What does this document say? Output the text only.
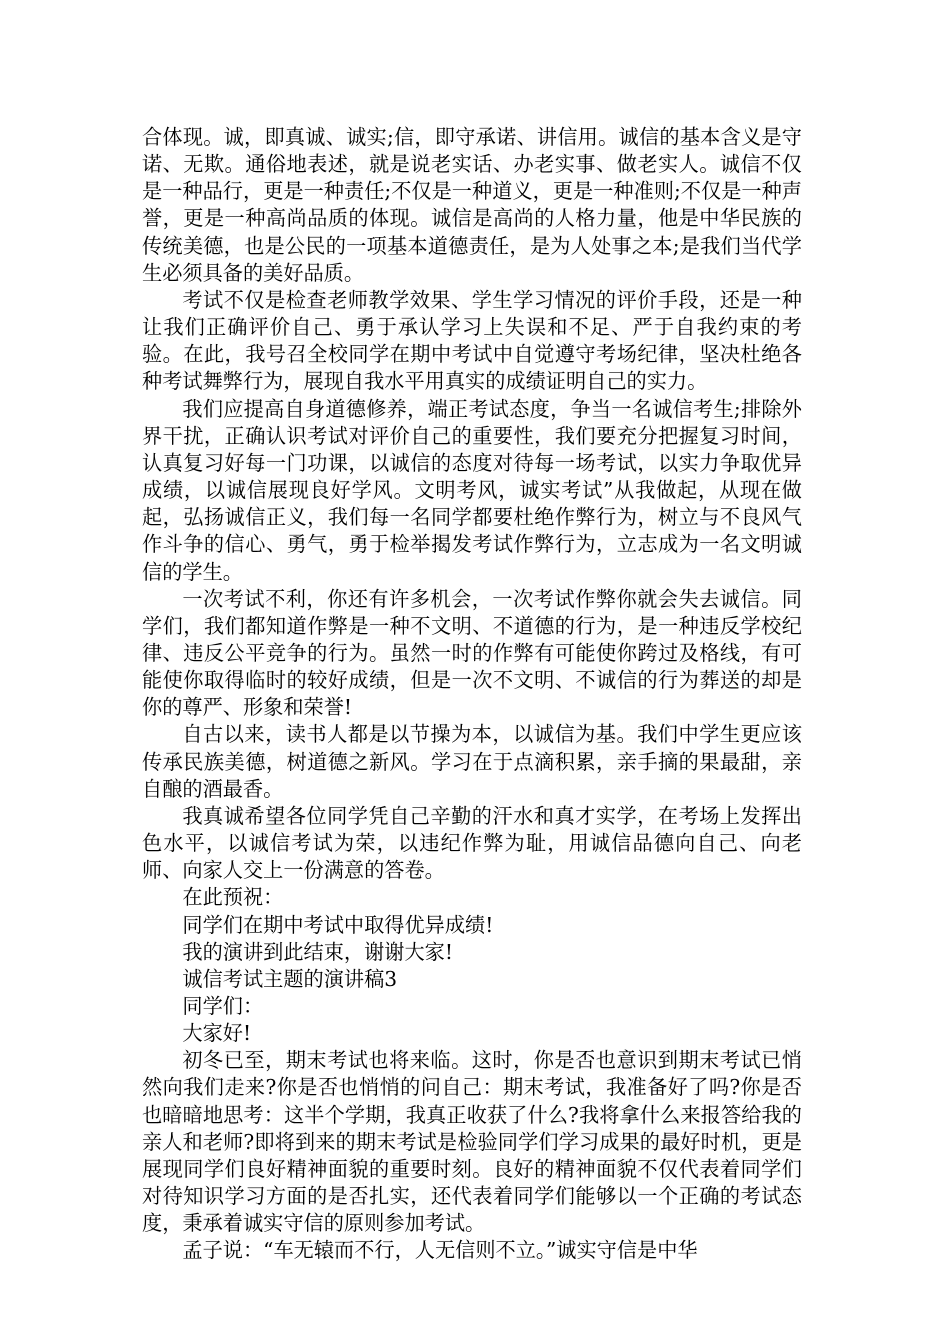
合体现。诚，即真诚、诚实;信，即守承诺、讲信用。诚信的基本含义是守诺、无欺。通俗地表述，就是说老实话、办老实事、做老实人。诚信不仅是一种品行，更是一种责任;不仅是一种道义，更是一种准则;不仅是一种声誉，更是一种高尚品质的体现。诚信是高尚的人格力量，他是中华民族的传统美德，也是公民的一项基本道德责任，是为人处事之本;是我们当代学生必须具备的美好品质。

考试不仅是检查老师教学效果、学生学习情况的评价手段，还是一种让我们正确评价自己、勇于承认学习上失误和不足、严于自我约束的考验。在此，我号召全校同学在期中考试中自觉遵守考场纪律，坚决杜绝各种考试舞弊行为，展现自我水平用真实的成绩证明自己的实力。

我们应提高自身道德修养，端正考试态度，争当一名诚信考生;排除外界干扰，正确认识考试对评价自己的重要性，我们要充分把握复习时间，认真复习好每一门功课，以诚信的态度对待每一场考试，以实力争取优异成绩，以诚信展现良好学风。文明考风，诚实考试”从我做起，从现在做起，弘扬诚信正义，我们每一名同学都要杜绝作弊行为，树立与不良风气作斗争的信心、勇气，勇于检举揭发考试作弊行为，立志成为一名文明诚信的学生。

一次考试不利，你还有许多机会，一次考试作弊你就会失去诚信。同学们，我们都知道作弊是一种不文明、不道德的行为，是一种违反学校纪律、违反公平竞争的行为。虽然一时的作弊有可能使你跨过及格线，有可能使你取得临时的较好成绩，但是一次不文明、不诚信的行为葬送的却是你的尊严、形象和荣誉!

自古以来，读书人都是以节操为本，以诚信为基。我们中学生更应该传承民族美德，树道德之新风。学习在于点滴积累，亲手摘的果最甜，亲自酿的酒最香。

我真诚希望各位同学凭自己辛勤的汗水和真才实学，在考场上发挥出色水平，以诚信考试为荣，以违纪作弊为耻，用诚信品德向自己、向老师、向家人交上一份满意的答卷。

在此预祝：

同学们在期中考试中取得优异成绩!

我的演讲到此结束，谢谢大家!

诚信考试主题的演讲稿3

同学们：

大家好!

初冬已至，期末考试也将来临。这时，你是否也意识到期末考试已悄然向我们走来?你是否也悄悄的问自己：期末考试，我准备好了吗?你是否也暗暗地思考：这半个学期，我真正收获了什么?我将拿什么来报答给我的亲人和老师?即将到来的期末考试是检验同学们学习成果的最好时机，更是展现同学们良好精神面貌的重要时刻。良好的精神面貌不仅代表着同学们对待知识学习方面的是否扎实，还代表着同学们能够以一个正确的考试态度，秉承着诚实守信的原则参加考试。

孟子说：“车无辕而不行，人无信则不立。”诚实守信是中华
